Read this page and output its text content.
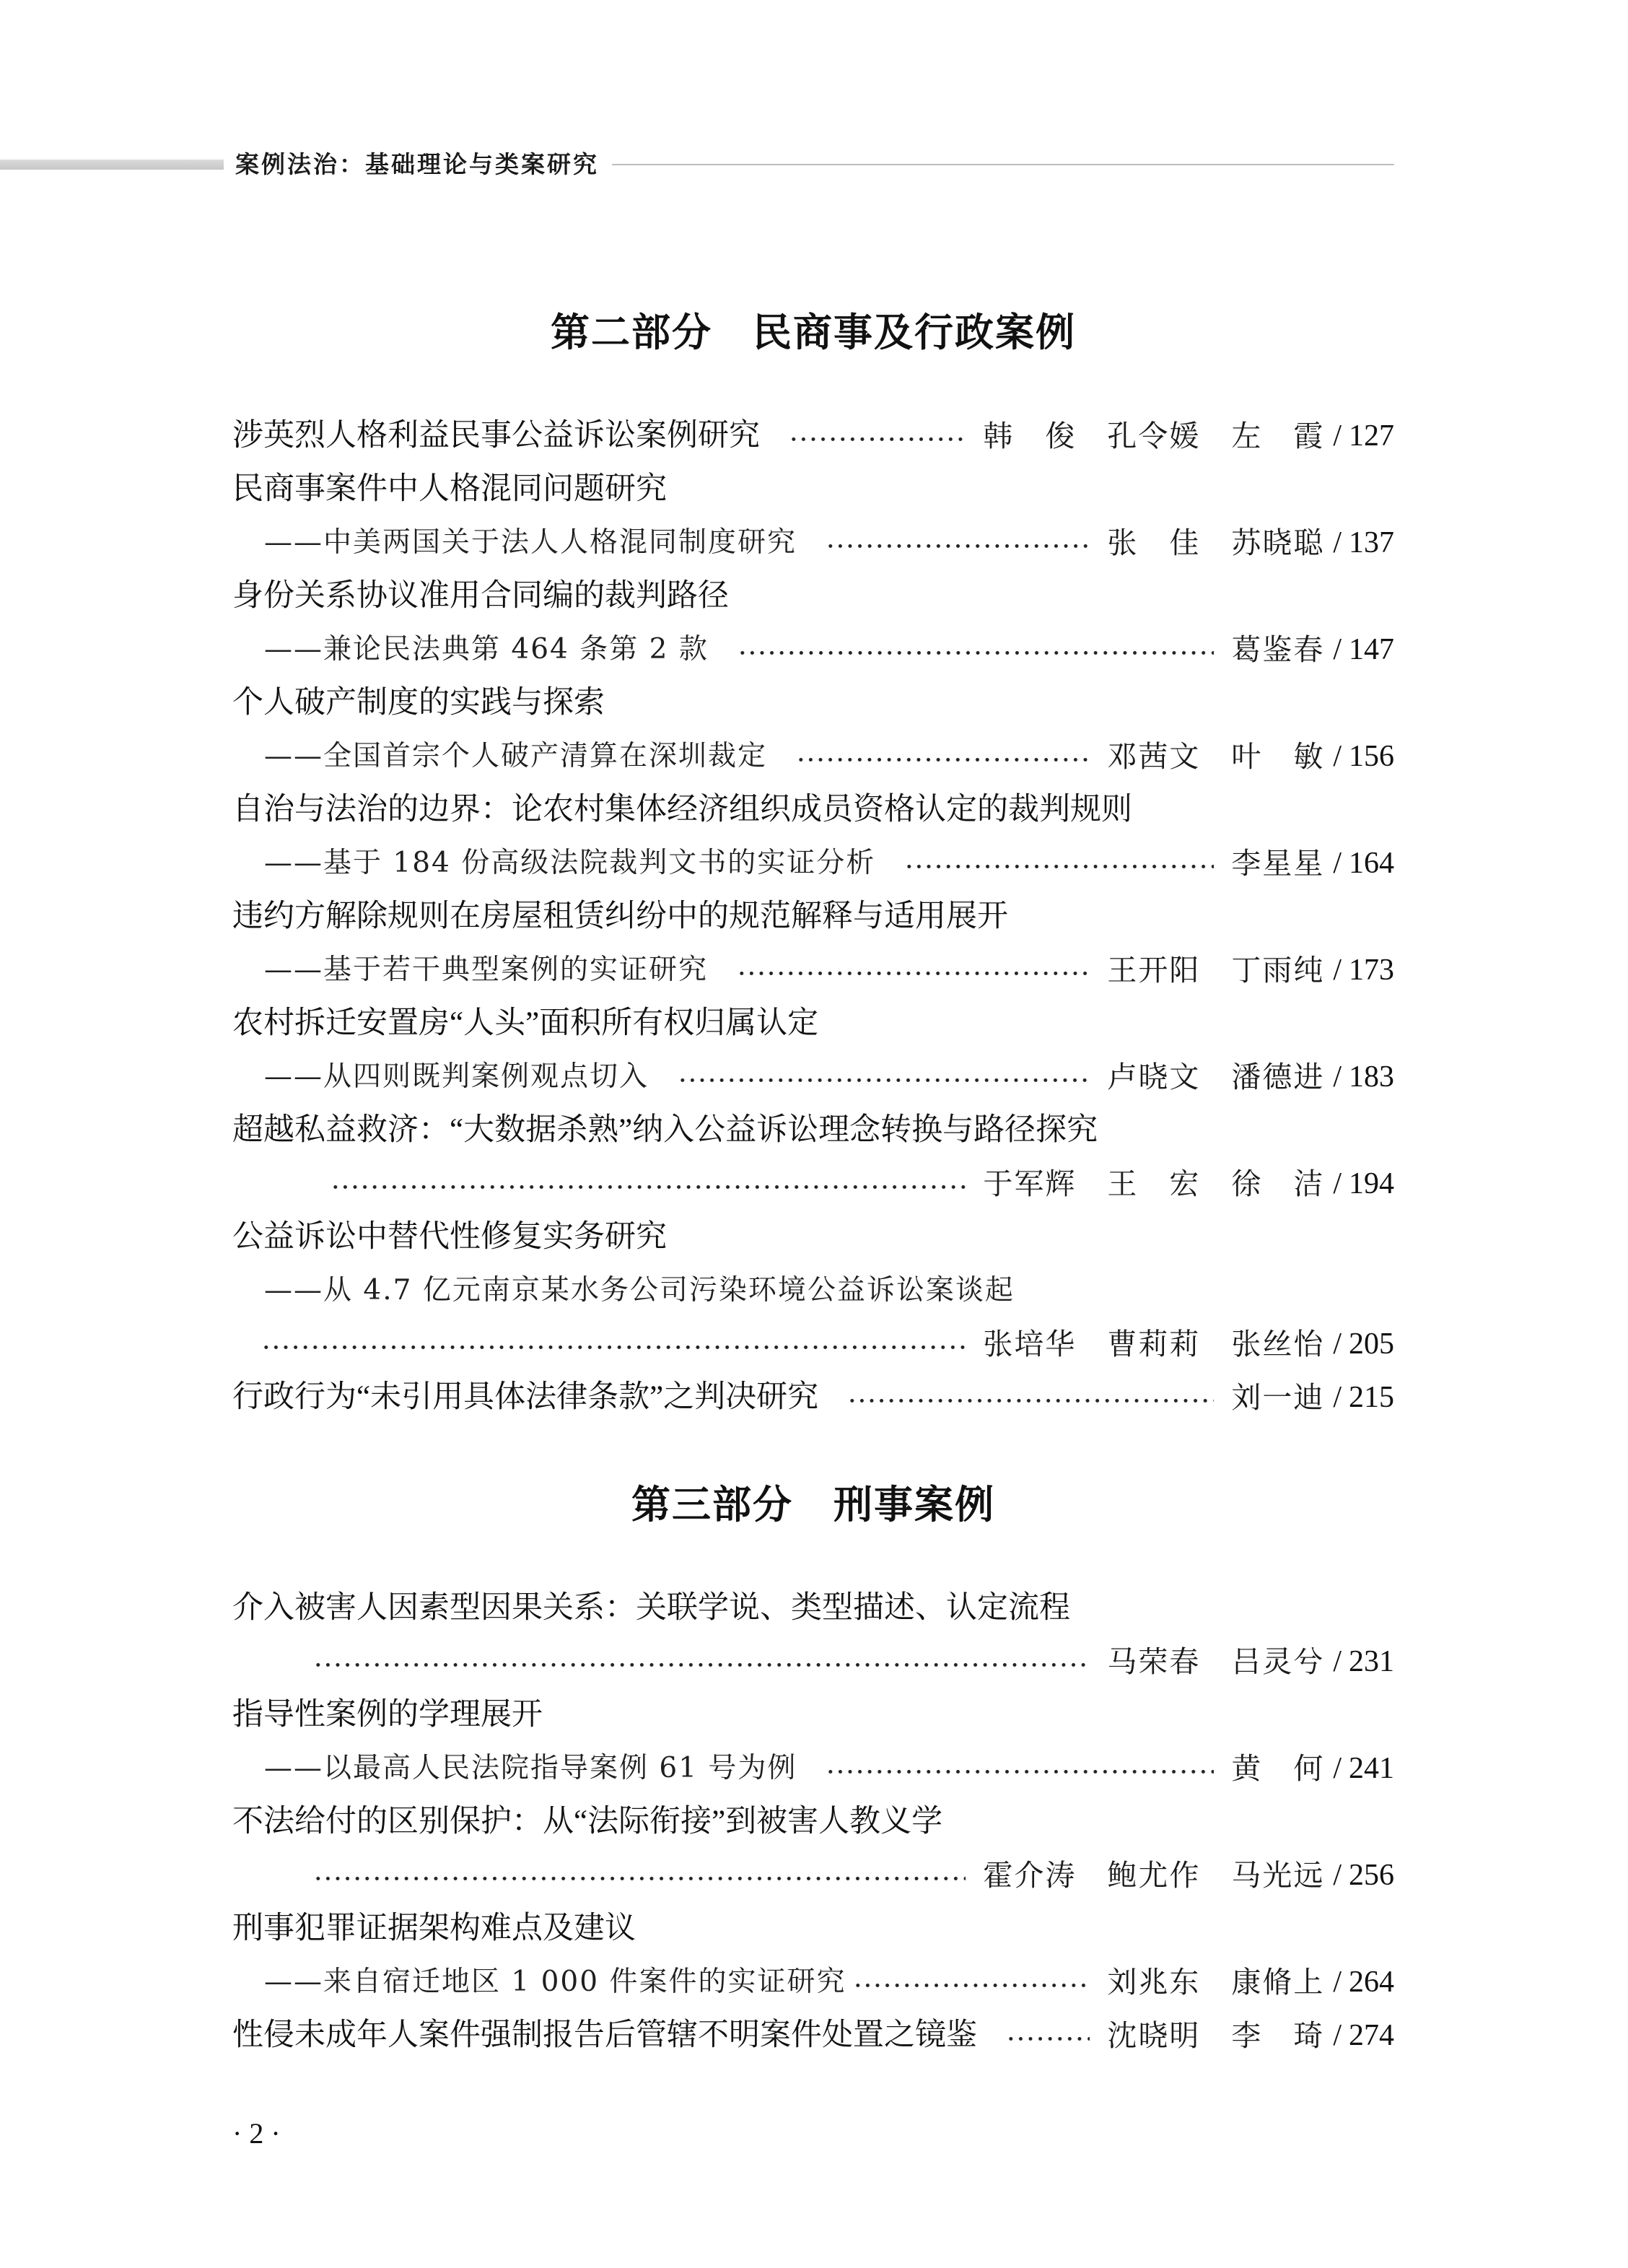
案例法治：基础理论与类案研究
第二部分　民商事及行政案例
涉英烈人格利益民事公益诉讼案例研究	韩　俊　孔令媛　左　霞 / 127
民商事案件中人格混同问题研究
——中美两国关于法人人格混同制度研究	张　佳　苏晓聪 / 137
身份关系协议准用合同编的裁判路径
——兼论民法典第 464 条第 2 款	葛鉴春 / 147
个人破产制度的实践与探索
——全国首宗个人破产清算在深圳裁定	邓茜文　叶　敏 / 156
自治与法治的边界：论农村集体经济组织成员资格认定的裁判规则
——基于 184 份高级法院裁判文书的实证分析	李星星 / 164
违约方解除规则在房屋租赁纠纷中的规范解释与适用展开
——基于若干典型案例的实证研究	王开阳　丁雨纯 / 173
农村拆迁安置房“人头”面积所有权归属认定
——从四则既判案例观点切入	卢晓文　潘德进 / 183
超越私益救济：“大数据杀熟”纳入公益诉讼理念转换与路径探究
于军辉　王　宏　徐　洁 / 194
公益诉讼中替代性修复实务研究
——从 4.7 亿元南京某水务公司污染环境公益诉讼案谈起
张培华　曹莉莉　张丝怡 / 205
行政行为“未引用具体法律条款”之判决研究	刘一迪 / 215
第三部分　刑事案例
介入被害人因素型因果关系：关联学说、类型描述、认定流程
马荣春　吕灵兮 / 231
指导性案例的学理展开
——以最高人民法院指导案例 61 号为例	黄　何 / 241
不法给付的区别保护：从“法际衔接”到被害人教义学
霍介涛　鲍尤作　马光远 / 256
刑事犯罪证据架构难点及建议
——来自宿迁地区 1 000 件案件的实证研究	刘兆东　康脩上 / 264
性侵未成年人案件强制报告后管辖不明案件处置之镜鉴	沈晓明　李　琦 / 274
· 2 ·
